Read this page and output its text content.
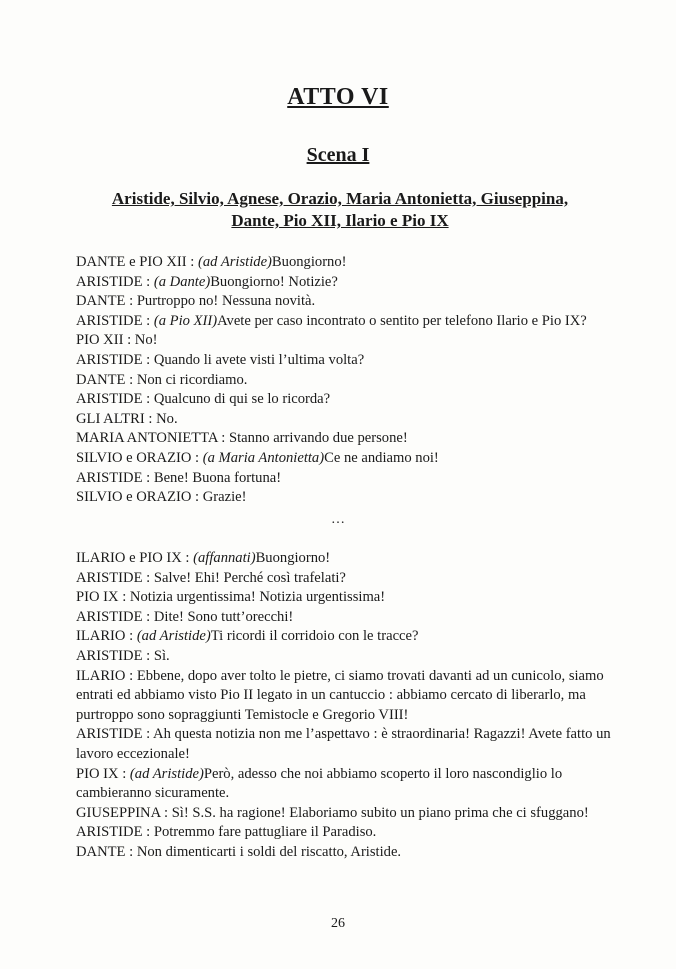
ATTO VI
Scena I
Aristide, Silvio, Agnese, Orazio, Maria Antonietta, Giuseppina,
Dante, Pio XII, Ilario e Pio IX

DANTE e PIO XII : (ad Aristide)Buongiorno!

ARISTIDE : (a Dante)Buongiorno! Notizie?

DANTE : Purtroppo no! Nessuna novità.

ARISTIDE : (a Pio XII)Avete per caso incontrato o sentito per telefono Ilario e Pio IX?

PIO XII : No!

ARISTIDE : Quando li avete visti l’ultima volta?

DANTE : Non ci ricordiamo.

ARISTIDE : Qualcuno di qui se lo ricorda?

GLI ALTRI : No.

MARIA ANTONIETTA : Stanno arrivando due persone!

SILVIO e ORAZIO : (a Maria Antonietta)Ce ne andiamo noi!

ARISTIDE : Bene! Buona fortuna!

SILVIO e ORAZIO : Grazie!

…

ILARIO e PIO IX : (affannati)Buongiorno!

ARISTIDE : Salve! Ehi! Perché così trafelati?

PIO IX : Notizia urgentissima! Notizia urgentissima!

ARISTIDE : Dite! Sono tutt’orecchi!

ILARIO : (ad Aristide)Ti ricordi il corridoio con le tracce?

ARISTIDE : Sì.

ILARIO : Ebbene, dopo aver tolto le pietre, ci siamo trovati davanti ad un cunicolo, siamo entrati ed abbiamo visto Pio II legato in un cantuccio : abbiamo cercato di liberarlo, ma purtroppo sono sopraggiunti Temistocle e Gregorio VIII!

ARISTIDE : Ah questa notizia non me l’aspettavo : è straordinaria! Ragazzi! Avete fatto un lavoro eccezionale!

PIO IX : (ad Aristide)Però, adesso che noi abbiamo scoperto il loro nascondiglio lo cambieranno sicuramente.

GIUSEPPINA : Sì! S.S. ha ragione! Elaboriamo subito un piano prima che ci sfuggano!

ARISTIDE : Potremmo fare pattugliare il Paradiso.

DANTE : Non dimenticarti i soldi del riscatto, Aristide.

26
